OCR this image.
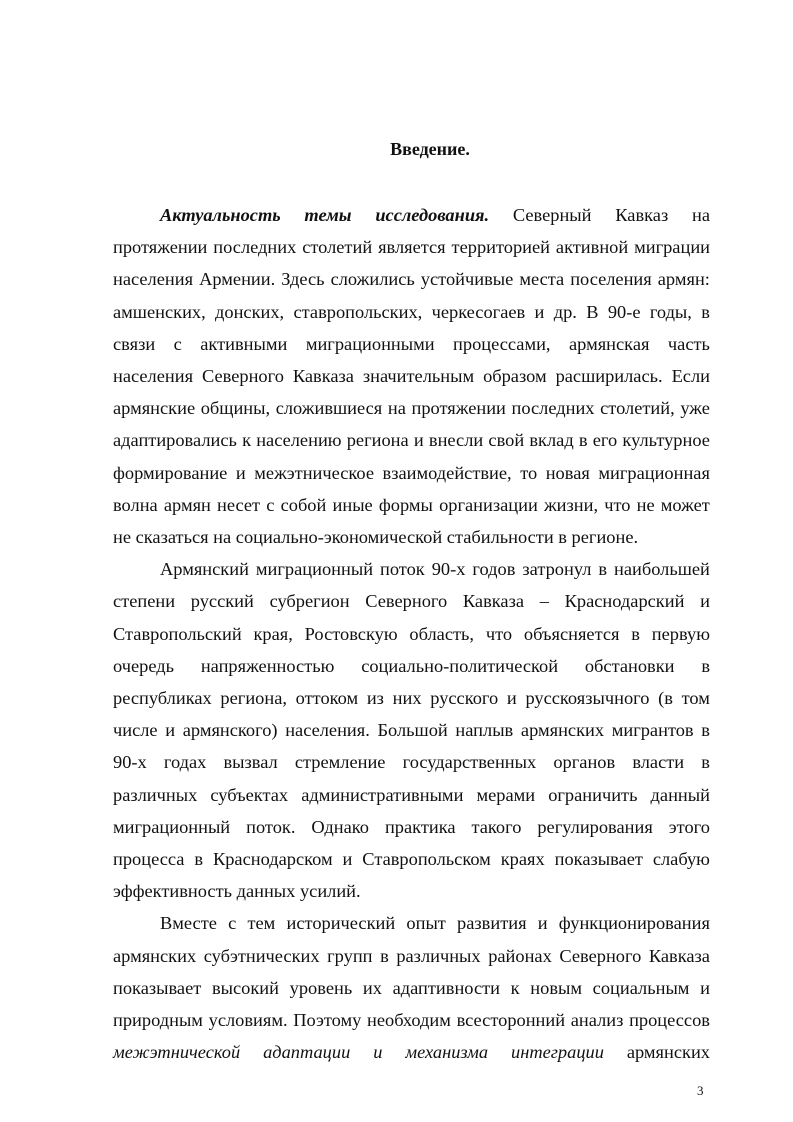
Введение.
Актуальность темы исследования. Северный Кавказ на
протяжении последних столетий является территорией активной миграции
населения Армении. Здесь сложились устойчивые места поселения армян:
амшенских, донских, ставропольских, черкесогаев и др. В 90-е годы, в
связи с активными миграционными процессами, армянская часть
населения Северного Кавказа значительным образом расширилась. Если
армянские общины, сложившиеся на протяжении последних столетий, уже
адаптировались к населению региона и внесли свой вклад в его культурное
формирование и межэтническое взаимодействие, то новая миграционная
волна армян несет с собой иные формы организации жизни, что не может
не сказаться на социально-экономической стабильности в регионе.
Армянский миграционный поток 90-х годов затронул в наибольшей
степени русский субрегион Северного Кавказа – Краснодарский и
Ставропольский края, Ростовскую область, что объясняется в первую
очередь напряженностью социально-политической обстановки в
республиках региона, оттоком из них русского и русскоязычного (в том
числе и армянского) населения. Большой наплыв армянских мигрантов в
90-х годах вызвал стремление государственных органов власти в
различных субъектах административными мерами ограничить данный
миграционный поток. Однако практика такого регулирования этого
процесса в Краснодарском и Ставропольском краях показывает слабую
эффективность данных усилий.
Вместе с тем исторический опыт развития и функционирования
армянских субэтнических групп в различных районах Северного Кавказа
показывает высокий уровень их адаптивности к новым социальным и
природным условиям. Поэтому необходим всесторонний анализ процессов
межэтнической адаптации и механизма интеграции армянских
3
